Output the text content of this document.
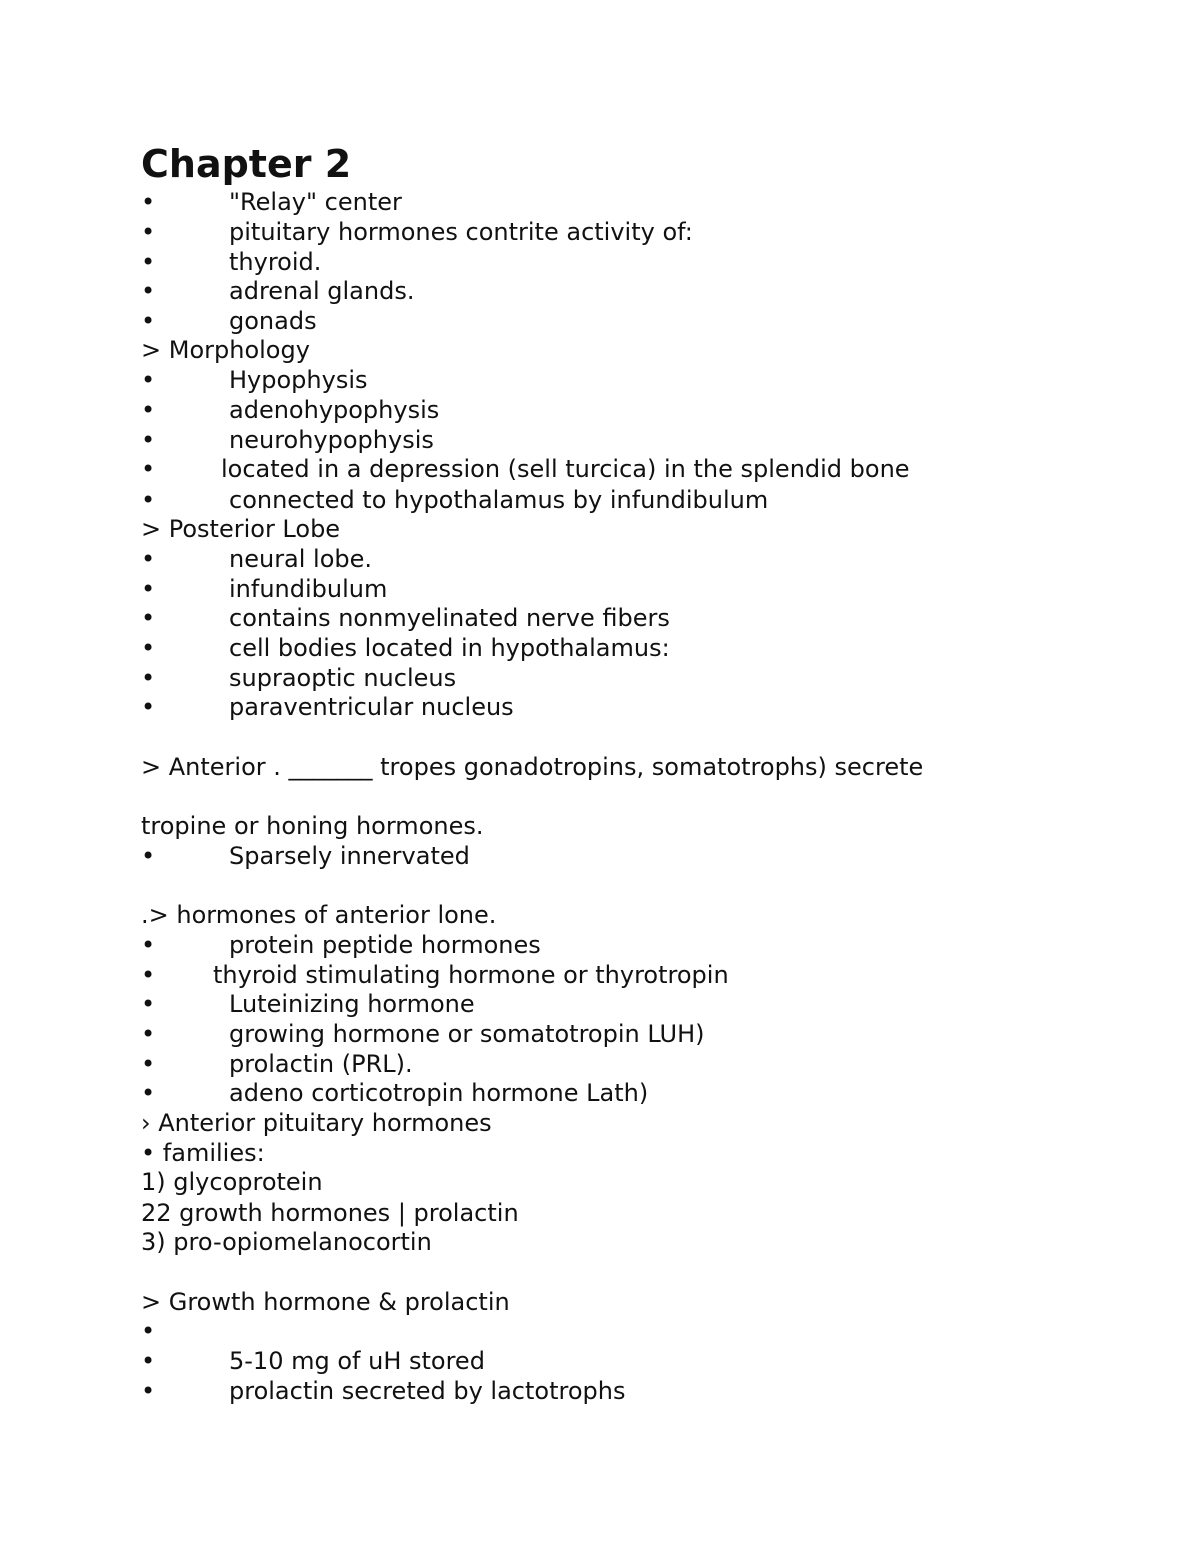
Chapter 2
•	"Relay" center
•	pituitary hormones contrite activity of:
•	thyroid.
•	adrenal glands.
•	gonads
> Morphology
•	Hypophysis
•	adenohypophysis
•	neurohypophysis
•	located in a depression (sell turcica) in the splendid bone
•	connected to hypothalamus by infundibulum
> Posterior Lobe
•	neural lobe.
•	infundibulum
•	contains nonmyelinated nerve fibers
•	cell bodies located in hypothalamus:
•	supraoptic nucleus
•	paraventricular nucleus
> Anterior . _______ tropes gonadotropins, somatotrophs) secrete
tropine or honing hormones.
•	Sparsely innervated
.> hormones of anterior lone.
•	protein peptide hormones
• thyroid stimulating hormone or thyrotropin
•	Luteinizing hormone
•	growing hormone or somatotropin LUH)
•	prolactin (PRL).
•	adeno corticotropin hormone Lath)
› Anterior pituitary hormones
• families:
1) glycoprotein
22 growth hormones | prolactin
3) pro-opiomelanocortin
> Growth hormone & prolactin
•
•	5-10 mg of uH stored
•	prolactin secreted by lactotrophs
